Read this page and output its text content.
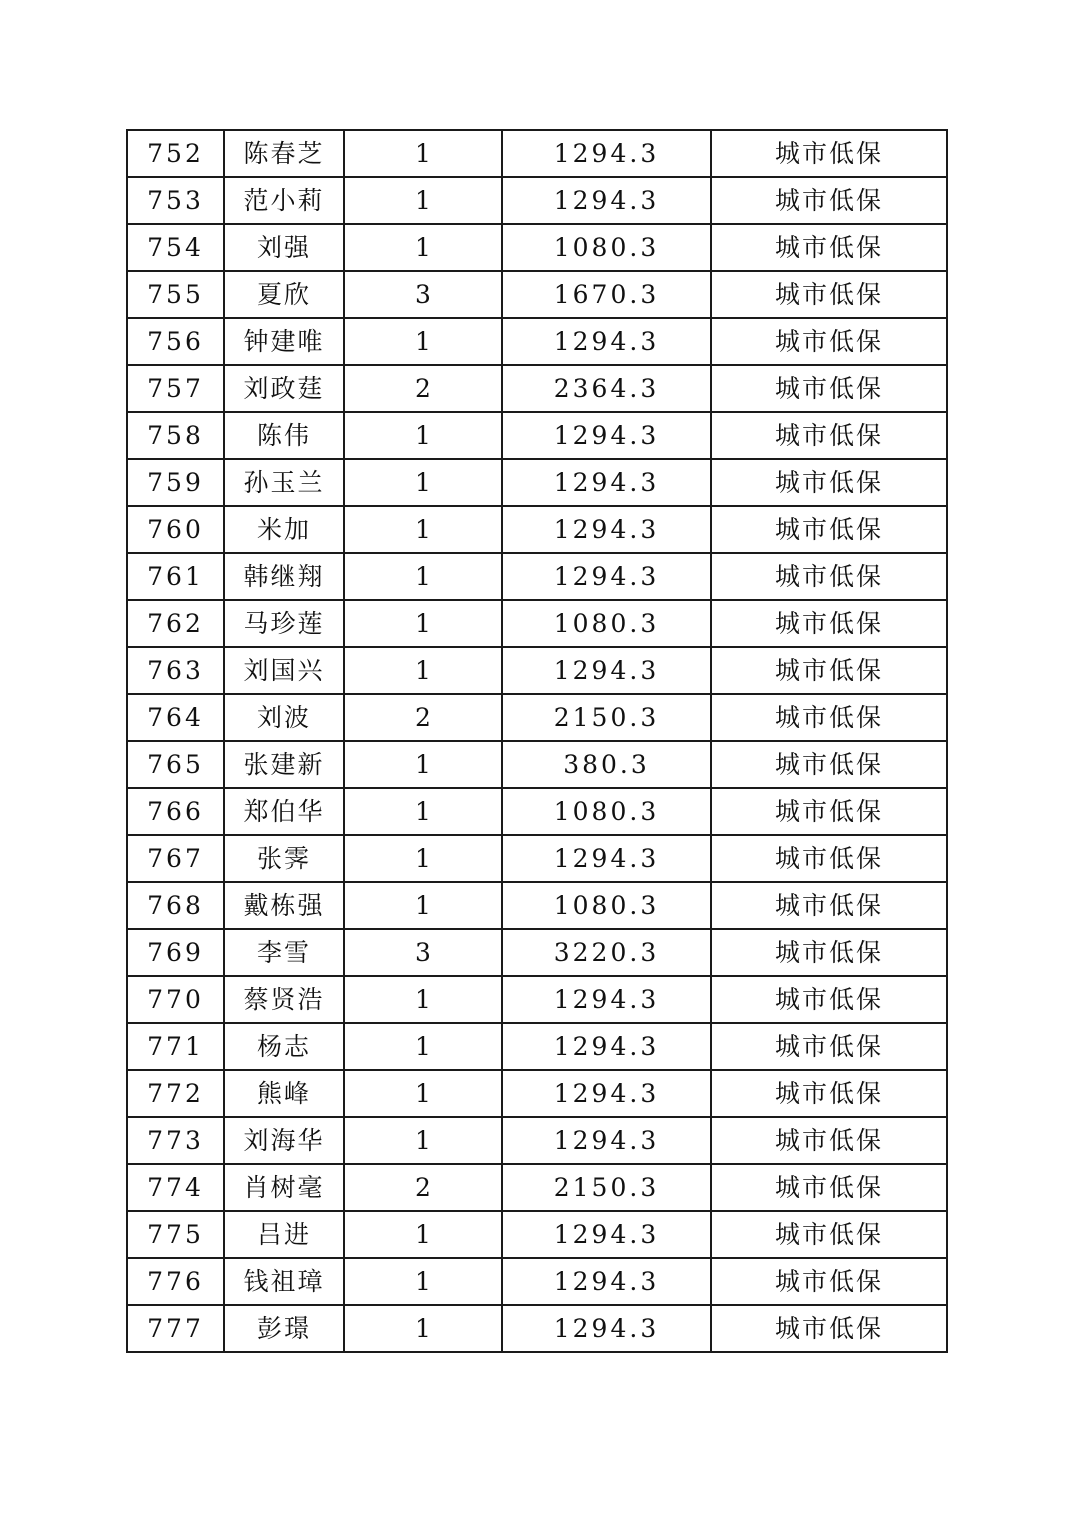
752	陈春芝	1	1294.3	城市低保
753	范小莉	1	1294.3	城市低保
754	刘强	1	1080.3	城市低保
755	夏欣	3	1670.3	城市低保
756	钟建唯	1	1294.3	城市低保
757	刘政莛	2	2364.3	城市低保
758	陈伟	1	1294.3	城市低保
759	孙玉兰	1	1294.3	城市低保
760	米加	1	1294.3	城市低保
761	韩继翔	1	1294.3	城市低保
762	马珍莲	1	1080.3	城市低保
763	刘国兴	1	1294.3	城市低保
764	刘波	2	2150.3	城市低保
765	张建新	1	380.3	城市低保
766	郑伯华	1	1080.3	城市低保
767	张霁	1	1294.3	城市低保
768	戴栋强	1	1080.3	城市低保
769	李雪	3	3220.3	城市低保
770	蔡贤浩	1	1294.3	城市低保
771	杨志	1	1294.3	城市低保
772	熊峰	1	1294.3	城市低保
773	刘海华	1	1294.3	城市低保
774	肖树毫	2	2150.3	城市低保
775	吕进	1	1294.3	城市低保
776	钱祖璋	1	1294.3	城市低保
777	彭璟	1	1294.3	城市低保
